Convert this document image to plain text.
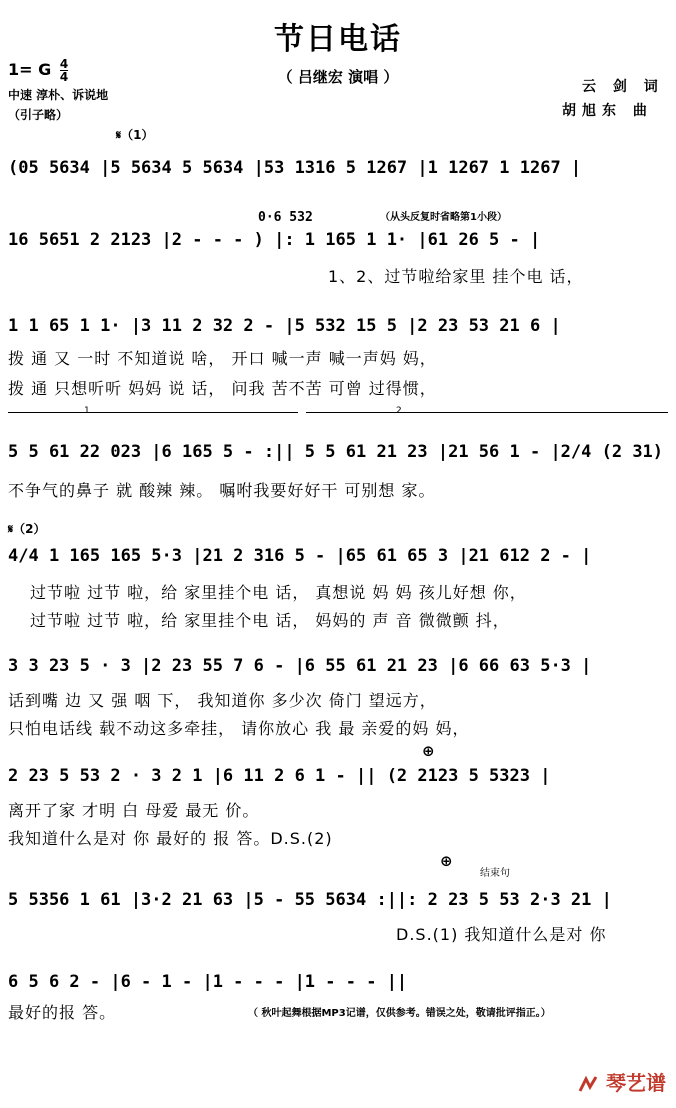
节日电话
（ 吕继宏 演唱 ）
1= G $\frac{4}{4}$
中速 淳朴、诉说地
（引子略）
云 剑 词
胡旭东 曲
𝄋（1）
(05 5634 |5 5634 5 5634 |53 1316 5 1267 |1 1267 1 1267 |
0·6 532	（从头反复时省略第1小段）
16 5651 2 2123 |2 - - - ) |: 1 165 1 1· |61 26 5 - |
1、2、过节啦给家里 挂个电 话，
1 1 65 1 1· |3 11 2 32 2 - |5 532 15 5 |2 23 53 21 6 |
拨 通 又 一时 不知道说 啥， 开口 喊一声 喊一声妈 妈，
拨 通 只想听听 妈妈 说 话， 问我 苦不苦 可曾 过得惯，
1	2
5 5 61 22 023 |6 165 5 - :|| 5 5 61 21 23 |21 56 1 - |2/4 (2 31)
不争气的鼻子 就 酸辣 辣。 嘱咐我要好好干 可别想 家。
𝄋（2）
4/4 1 165 165 5·3 |21 2 316 5 - |65 61 65 3 |21 612 2 - |
过节啦 过节 啦，给 家里挂个电 话， 真想说 妈 妈 孩儿好想 你，
过节啦 过节 啦，给 家里挂个电 话， 妈妈的 声 音 微微颤 抖，
3 3 23 5 · 3 |2 23 55 7 6 - |6 55 61 21 23 |6 66 63 5·3 |
话到嘴 边 又 强 咽 下， 我知道你 多少次 倚门 望远方，
只怕电话线 载不动这多牵挂， 请你放心 我 最 亲爱的妈 妈，
⊕
2 23 5 53 2 · 3 2 1 |6 11 2 6 1 - || (2 2123 5 5323 |
离开了家 才明 白 母爱 最无 价。
我知道什么是对 你 最好的 报 答。D.S.(2)
⊕
结束句
5 5356 1 61 |3·2 21 63 |5 - 55 5634 :||: 2 23 5 53 2·3 21 |
D.S.(1) 我知道什么是对 你
6 5 6 2 - |6 - 1 - |1 - - - |1 - - - ||
最好的报 答。	（ 秋叶起舞根据MP3记谱，仅供参考。错误之处，敬请批评指正。）
琴艺谱
